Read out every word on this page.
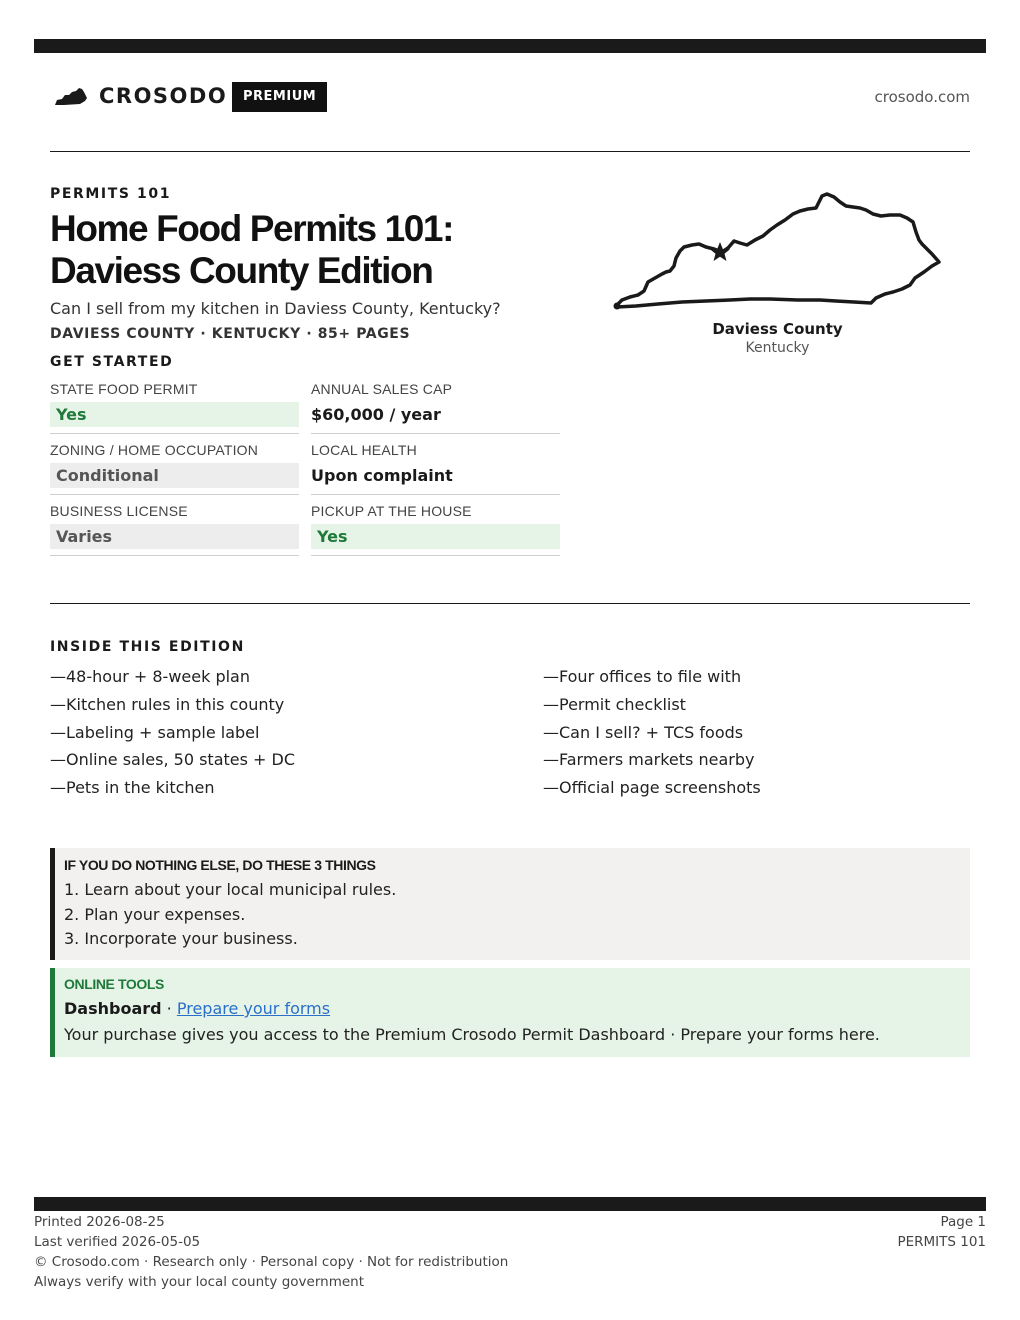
CROSODO	PREMIUM	crosodo.com
PERMITS 101
Home Food Permits 101: Daviess County Edition
Can I sell from my kitchen in Daviess County, Kentucky?
DAVIESS COUNTY · KENTUCKY · 85+ PAGES
GET STARTED
STATE FOOD PERMIT
Yes
ANNUAL SALES CAP
$60,000 / year
ZONING / HOME OCCUPATION
Conditional
LOCAL HEALTH
Upon complaint
BUSINESS LICENSE
Varies
PICKUP AT THE HOUSE
Yes
Daviess County
Kentucky
INSIDE THIS EDITION
—48-hour + 8-week plan
—Kitchen rules in this county
—Labeling + sample label
—Online sales, 50 states + DC
—Pets in the kitchen
—Four offices to file with
—Permit checklist
—Can I sell? + TCS foods
—Farmers markets nearby
—Official page screenshots
IF YOU DO NOTHING ELSE, DO THESE 3 THINGS
1. Learn about your local municipal rules.
2. Plan your expenses.
3. Incorporate your business.
ONLINE TOOLS
Dashboard · Prepare your forms
Your purchase gives you access to the Premium Crosodo Permit Dashboard · Prepare your forms here.
Printed 2026-08-25
Last verified 2026-05-05
© Crosodo.com · Research only · Personal copy · Not for redistribution
Always verify with your local county government
Page 1
PERMITS 101
